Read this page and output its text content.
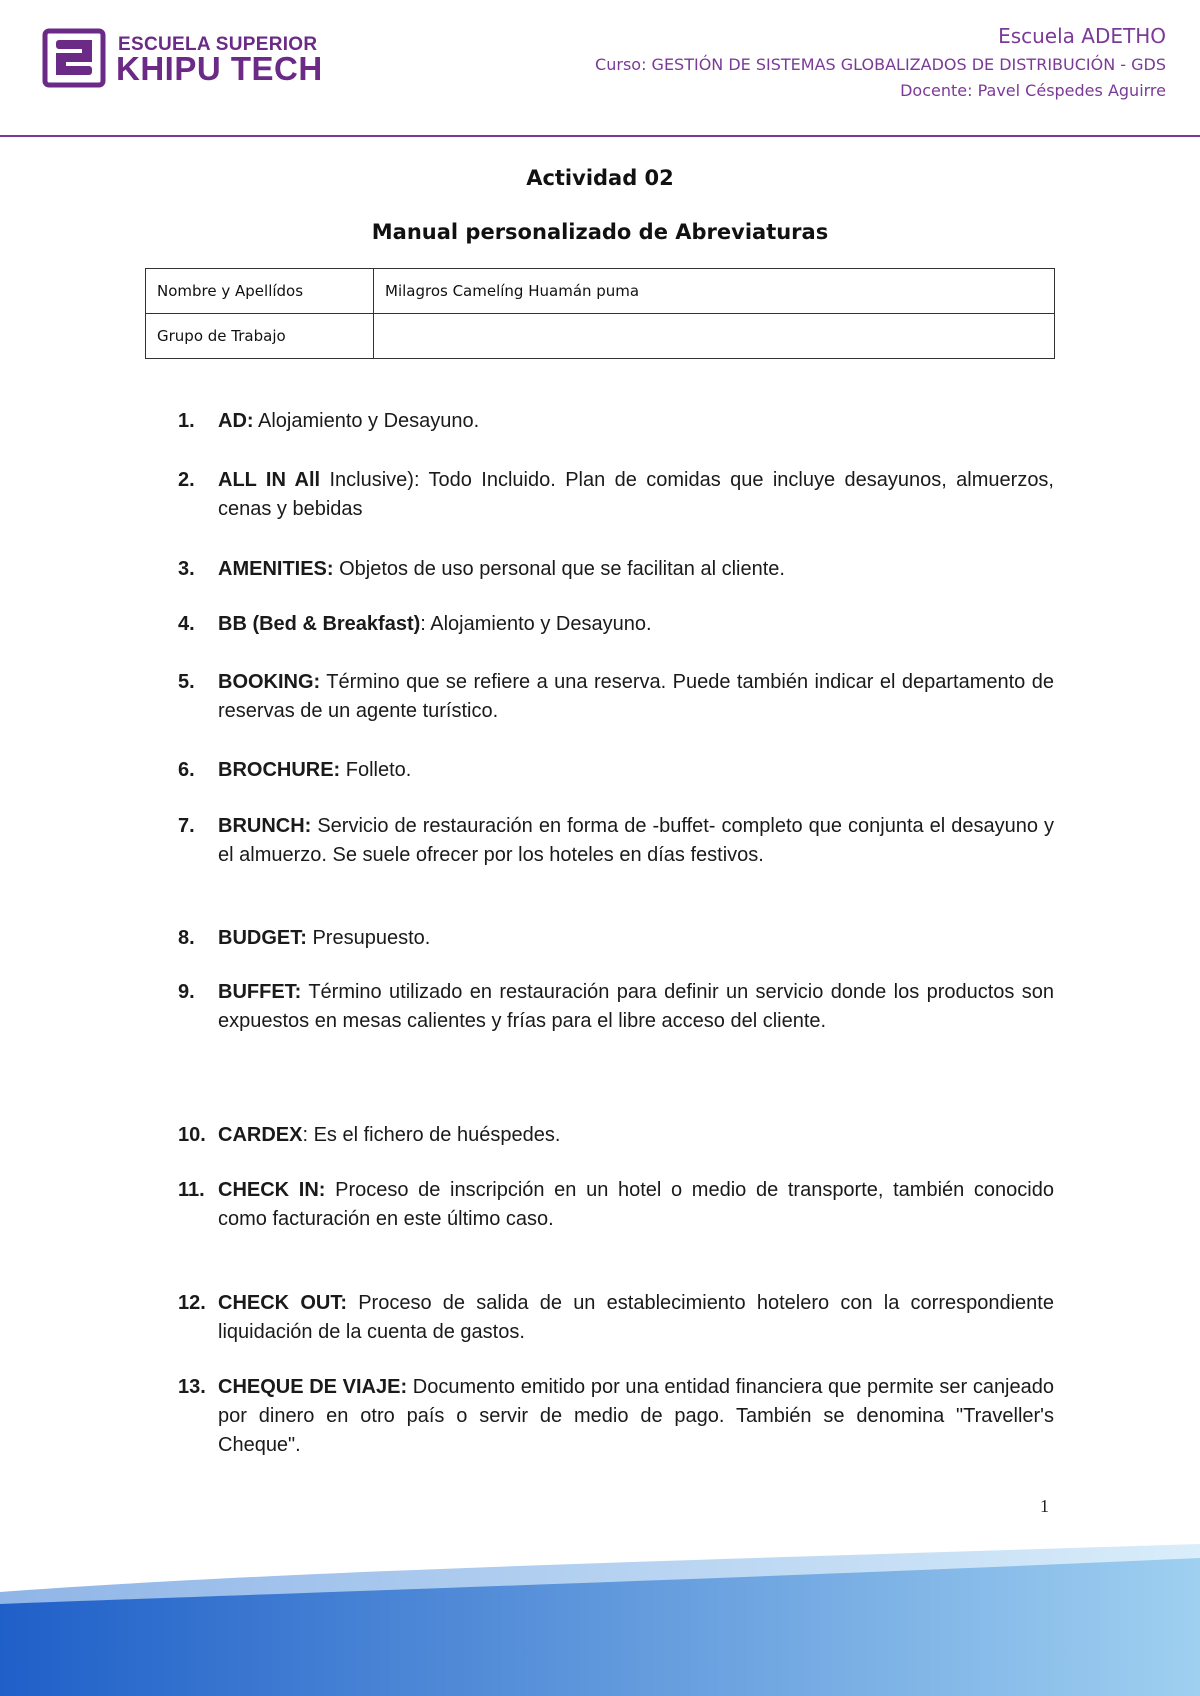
ESCUELA SUPERIOR
KHIPU TECH
Escuela ADETHO
Curso: GESTIÓN DE SISTEMAS GLOBALIZADOS DE DISTRIBUCIÓN - GDS
Docente: Pavel Céspedes Aguirre
Actividad 02
Manual personalizado de Abreviaturas
Nombre y Apellídos	Milagros Camelíng Huamán puma
Grupo de Trabajo	
1. AD: Alojamiento y Desayuno.
2. ALL IN All Inclusive): Todo Incluido. Plan de comidas que incluye desayunos, almuerzos, cenas y bebidas
3. AMENITIES: Objetos de uso personal que se facilitan al cliente.
4. BB (Bed & Breakfast): Alojamiento y Desayuno.
5. BOOKING: Término que se refiere a una reserva. Puede también indicar el departamento de reservas de un agente turístico.
6. BROCHURE: Folleto.
7. BRUNCH: Servicio de restauración en forma de -buffet- completo que conjunta el desayuno y el almuerzo. Se suele ofrecer por los hoteles en días festivos.
8. BUDGET: Presupuesto.
9. BUFFET: Término utilizado en restauración para definir un servicio donde los productos son expuestos en mesas calientes y frías para el libre acceso del cliente.
10. CARDEX: Es el fichero de huéspedes.
11. CHECK IN: Proceso de inscripción en un hotel o medio de transporte, también conocido como facturación en este último caso.
12. CHECK OUT: Proceso de salida de un establecimiento hotelero con la correspondiente liquidación de la cuenta de gastos.
13. CHEQUE DE VIAJE: Documento emitido por una entidad financiera que permite ser canjeado por dinero en otro país o servir de medio de pago. También se denomina "Traveller's Cheque".
1
